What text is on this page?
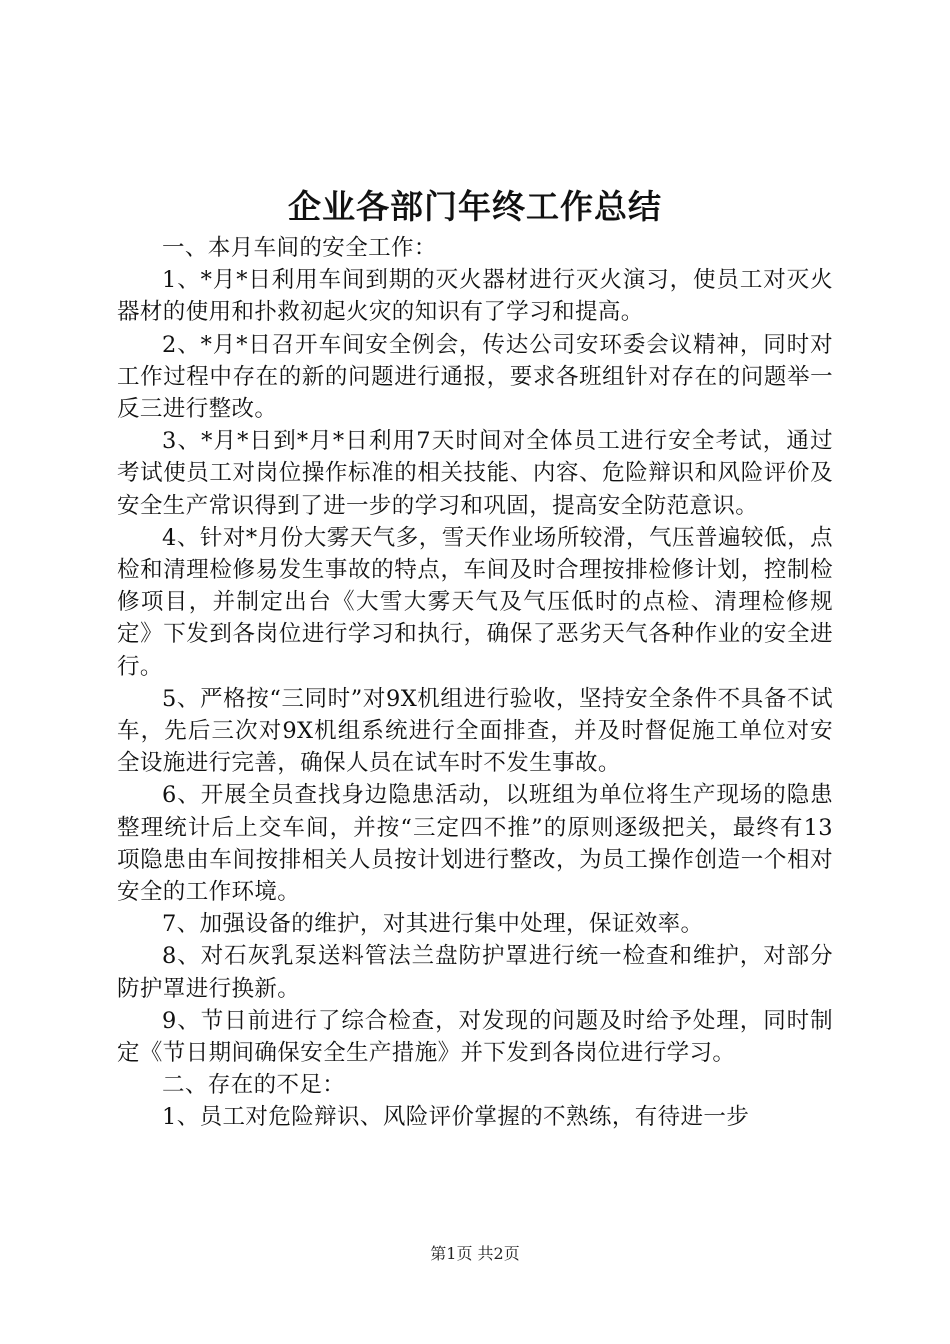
企业各部门年终工作总结

一、本月车间的安全工作：

1、*月*日利用车间到期的灭火器材进行灭火演习，使员工对灭火器材的使用和扑救初起火灾的知识有了学习和提高。

2、*月*日召开车间安全例会，传达公司安环委会议精神，同时对工作过程中存在的新的问题进行通报，要求各班组针对存在的问题举一反三进行整改。

3、*月*日到*月*日利用7天时间对全体员工进行安全考试，通过考试使员工对岗位操作标准的相关技能、内容、危险辩识和风险评价及安全生产常识得到了进一步的学习和巩固，提高安全防范意识。

4、针对*月份大雾天气多，雪天作业场所较滑，气压普遍较低，点检和清理检修易发生事故的特点，车间及时合理按排检修计划，控制检修项目，并制定出台《大雪大雾天气及气压低时的点检、清理检修规定》下发到各岗位进行学习和执行，确保了恶劣天气各种作业的安全进行。

5、严格按“三同时”对9X机组进行验收，坚持安全条件不具备不试车，先后三次对9X机组系统进行全面排查，并及时督促施工单位对安全设施进行完善，确保人员在试车时不发生事故。

6、开展全员查找身边隐患活动，以班组为单位将生产现场的隐患整理统计后上交车间，并按“三定四不推”的原则逐级把关，最终有13项隐患由车间按排相关人员按计划进行整改，为员工操作创造一个相对安全的工作环境。

7、加强设备的维护，对其进行集中处理，保证效率。

8、对石灰乳泵送料管法兰盘防护罩进行统一检查和维护，对部分防护罩进行换新。

9、节日前进行了综合检查，对发现的问题及时给予处理，同时制定《节日期间确保安全生产措施》并下发到各岗位进行学习。

二、存在的不足：

1、员工对危险辩识、风险评价掌握的不熟练，有待进一步

第1页 共2页
